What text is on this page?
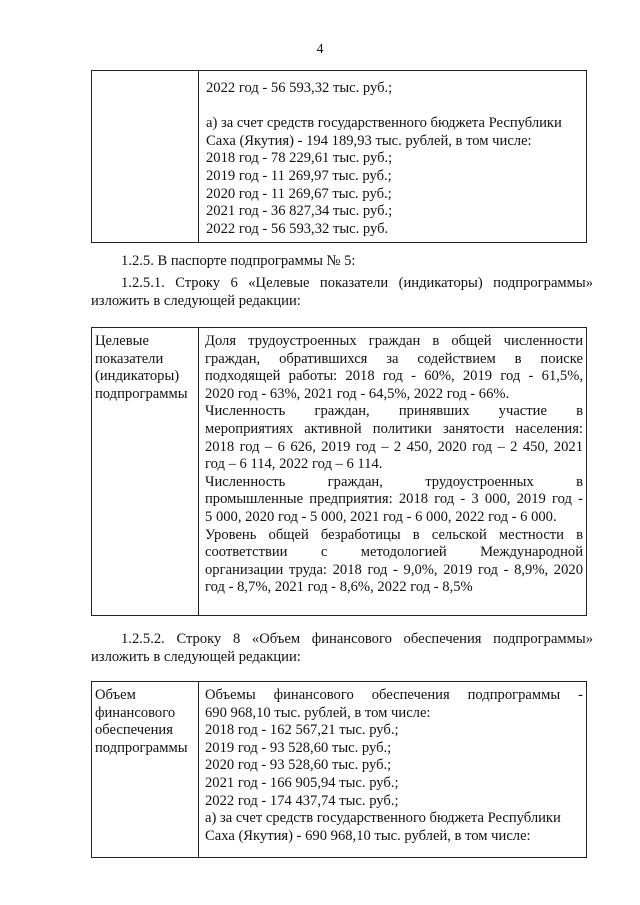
4
2022 год - 56 593,32 тыс. руб.;
а) за счет средств государственного бюджета Республики
Саха (Якутия) - 194 189,93 тыс. рублей, в том числе:
2018 год - 78 229,61 тыс. руб.;
2019 год - 11 269,97 тыс. руб.;
2020 год - 11 269,67 тыс. руб.;
2021 год - 36 827,34 тыс. руб.;
2022 год - 56 593,32 тыс. руб.
1.2.5. В паспорте подпрограммы № 5:
1.2.5.1. Строку 6 «Целевые показатели (индикаторы) подпрограммы»
изложить в следующей редакции:
Целевые
показатели
(индикаторы)
подпрограммы
Доля трудоустроенных граждан в общей численности
граждан, обратившихся за содействием в поиске
подходящей работы: 2018 год - 60%, 2019 год - 61,5%,
2020 год - 63%, 2021 год - 64,5%, 2022 год - 66%.
Численность граждан, принявших участие в
мероприятиях активной политики занятости населения:
2018 год – 6 626, 2019 год – 2 450, 2020 год – 2 450, 2021
год – 6 114, 2022 год – 6 114.
Численность граждан, трудоустроенных в
промышленные предприятия: 2018 год - 3 000, 2019 год -
5 000, 2020 год - 5 000, 2021 год - 6 000, 2022 год - 6 000.
Уровень общей безработицы в сельской местности в
соответствии с методологией Международной
организации труда: 2018 год - 9,0%, 2019 год - 8,9%, 2020
год - 8,7%, 2021 год - 8,6%, 2022 год - 8,5%
1.2.5.2. Строку 8 «Объем финансового обеспечения подпрограммы»
изложить в следующей редакции:
Объем
финансового
обеспечения
подпрограммы
Объемы финансового обеспечения подпрограммы -
690 968,10 тыс. рублей, в том числе:
2018 год - 162 567,21 тыс. руб.;
2019 год - 93 528,60 тыс. руб.;
2020 год - 93 528,60 тыс. руб.;
2021 год - 166 905,94 тыс. руб.;
2022 год - 174 437,74 тыс. руб.;
а) за счет средств государственного бюджета Республики
Саха (Якутия) - 690 968,10 тыс. рублей, в том числе:
